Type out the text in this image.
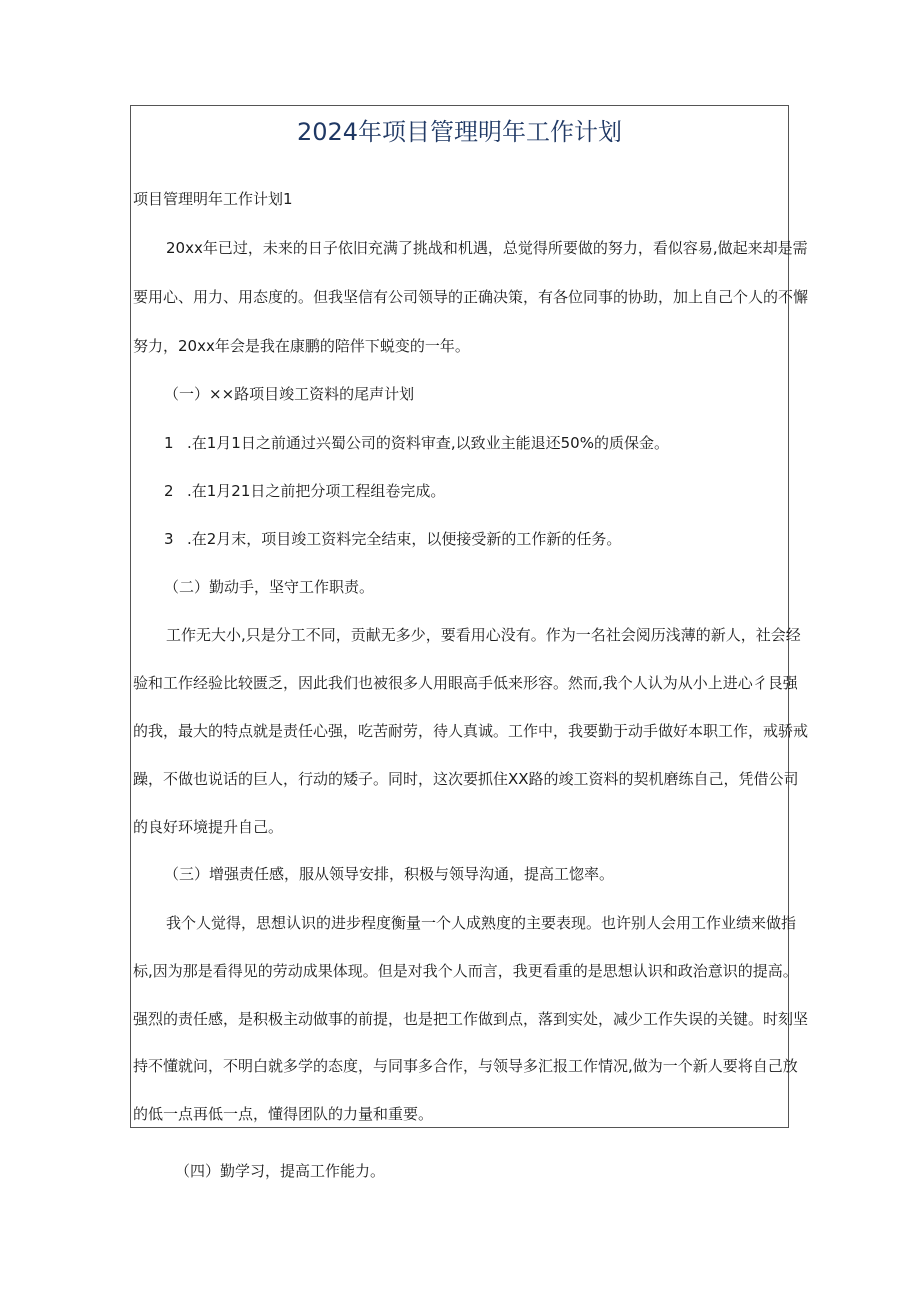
2024年项目管理明年工作计划

项目管理明年工作计划1

20xx年已过，未来的日子依旧充满了挑战和机遇，总觉得所要做的努力，看似容易,做起来却是需

要用心、用力、用态度的。但我坚信有公司领导的正确决策，有各位同事的协助，加上自己个人的不懈

努力，20xx年会是我在康鹏的陪伴下蜕变的一年。

（一）××路项目竣工资料的尾声计划

1 .在1月1日之前通过兴蜀公司的资料审查,以致业主能退还50%的质保金。
2 .在1月21日之前把分项工程组卷完成。
3 .在2月末，项目竣工资料完全结束，以便接受新的工作新的任务。

（二）勤动手，坚守工作职责。

工作无大小,只是分工不同，贡献无多少，要看用心没有。作为一名社会阅历浅薄的新人，社会经

验和工作经验比较匮乏，因此我们也被很多人用眼高手低来形容。然而,我个人认为从小上进心彳艮强

的我，最大的特点就是责任心强，吃苦耐劳，待人真诚。工作中，我要勤于动手做好本职工作，戒骄戒

躁，不做也说话的巨人，行动的矮子。同时，这次要抓住XX路的竣工资料的契机磨练自己，凭借公司

的良好环境提升自己。

（三）增强责任感，服从领导安排，积极与领导沟通，提高工惚率。

我个人觉得，思想认识的进步程度衡量一个人成熟度的主要表现。也许别人会用工作业绩来做指

标,因为那是看得见的劳动成果体现。但是对我个人而言，我更看重的是思想认识和政治意识的提高。

强烈的责任感，是积极主动做事的前提，也是把工作做到点，落到实处，减少工作失误的关键。时刻坚

持不懂就问，不明白就多学的态度，与同事多合作，与领导多汇报工作情况,做为一个新人要将自己放

的低一点再低一点，懂得团队的力量和重要。

（四）勤学习，提高工作能力。
